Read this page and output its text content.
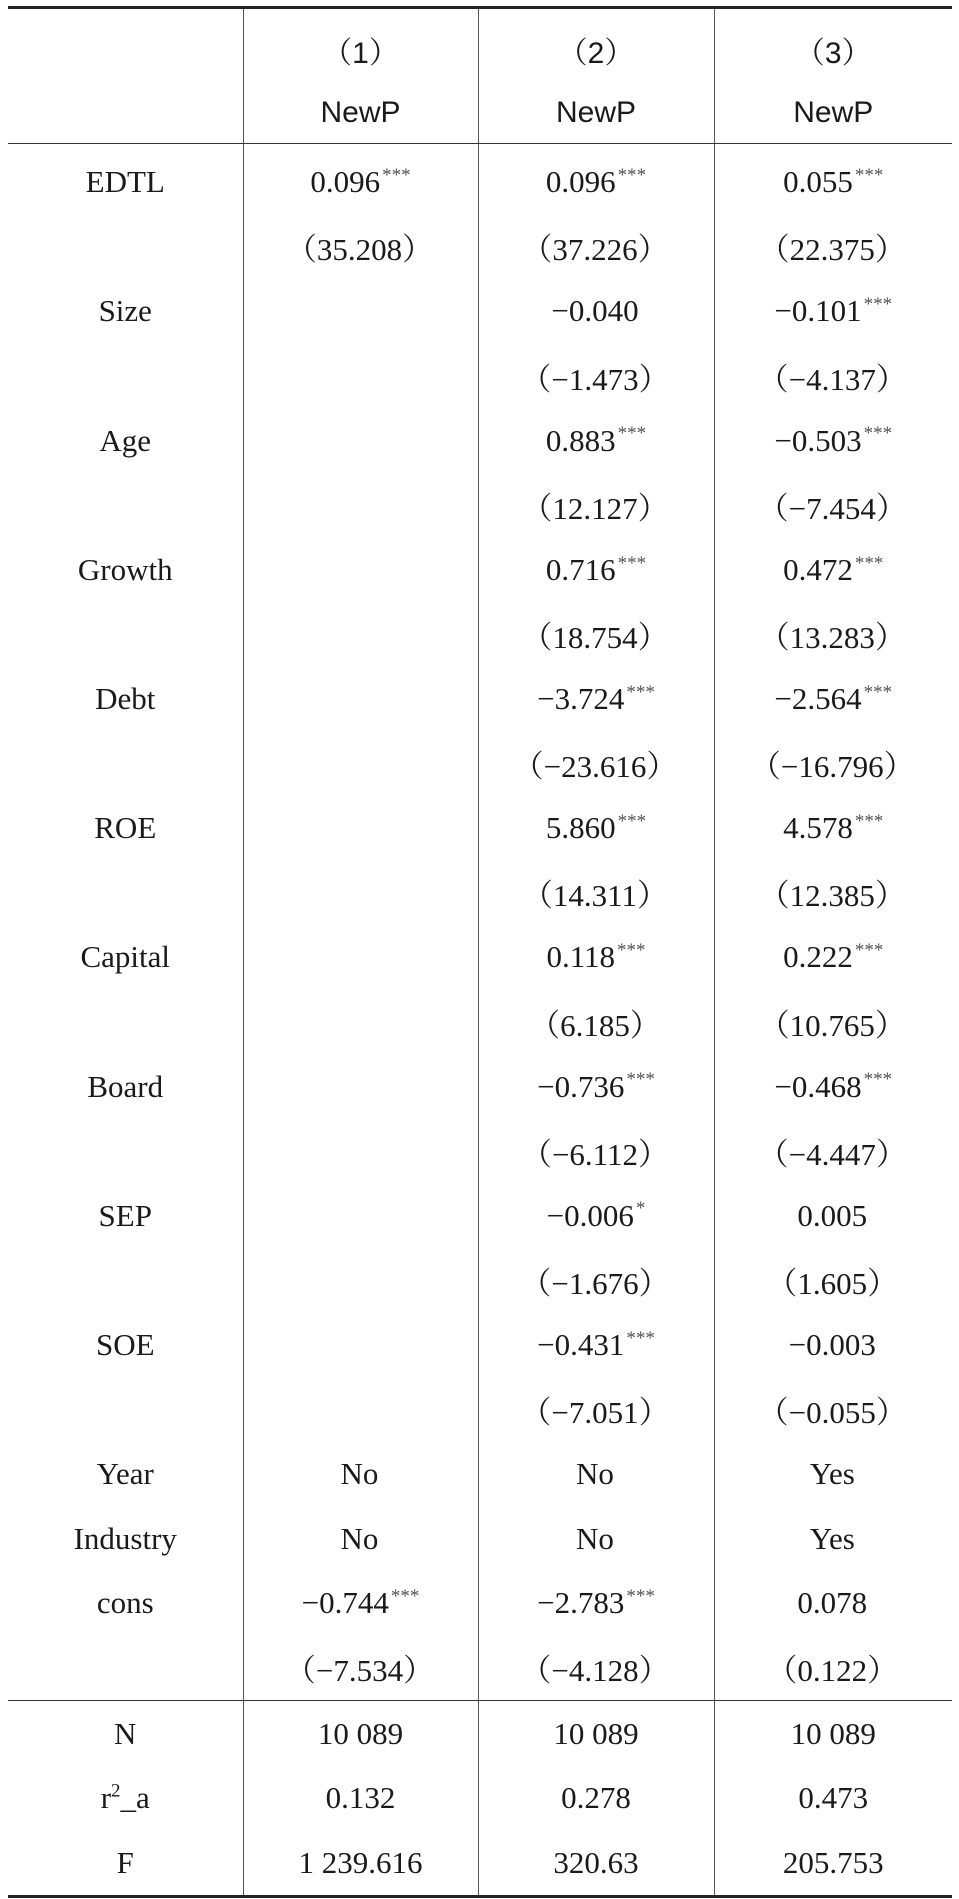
	（1）	（2）	（3）
	NewP	NewP	NewP
EDTL	0.096 ***	0.096 ***	0.055 ***
	（35.208）	（37.226）	（22.375）
Size		−0.040	−0.101 ***
		（−1.473）	（−4.137）
Age		0.883 ***	−0.503 ***
		（12.127）	（−7.454）
Growth		0.716 ***	0.472 ***
		（18.754）	（13.283）
Debt		−3.724 ***	−2.564 ***
		（−23.616）	（−16.796）
ROE		5.860 ***	4.578 ***
		（14.311）	（12.385）
Capital		0.118 ***	0.222 ***
		（6.185）	（10.765）
Board		−0.736 ***	−0.468 ***
		（−6.112）	（−4.447）
SEP		−0.006 *	0.005
		（−1.676）	（1.605）
SOE		−0.431 ***	−0.003
		（−7.051）	（−0.055）
Year	No	No	Yes
Industry	No	No	Yes
cons	−0.744 ***	−2.783 ***	0.078
	（−7.534）	（−4.128）	（0.122）
N	10 089	10 089	10 089
$r^2\_a$	0.132	0.278	0.473
F	1 239.616	320.63	205.753
